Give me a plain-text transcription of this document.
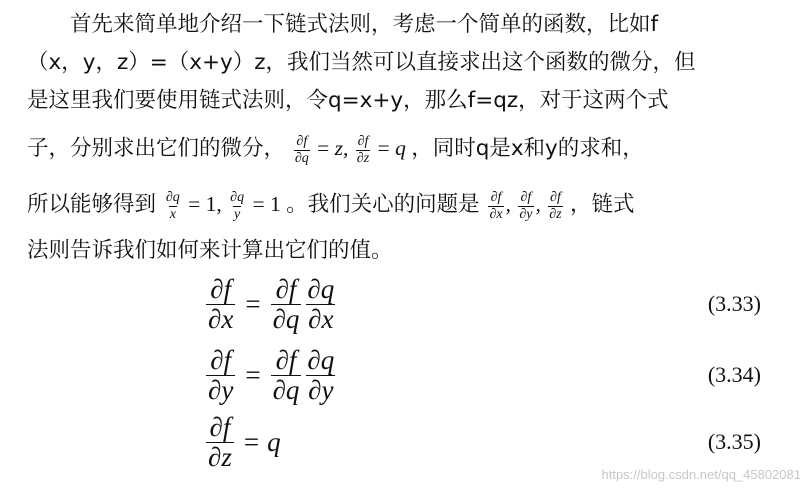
首先来简单地介绍一下链式法则，考虑一个简单的函数，比如f
（x，y，z）=（x+y）z，我们当然可以直接求出这个函数的微分，但
是这里我们要使用链式法则，令q=x+y，那么f=qz，对于这两个式
子，分别求出它们的微分， $\frac{\partial f}{\partial q} = z$, $\frac{\partial f}{\partial z} = q$ ，同时q是x和y的求和，
所以能够得到 $\frac{\partial q}{x} = 1$, $\frac{\partial q}{y} = 1$ 。我们关心的问题是 $\frac{\partial f}{\partial x}$ , $\frac{\partial f}{\partial y}$ , $\frac{\partial f}{\partial z}$ ，链式
法则告诉我们如何来计算出它们的值。
$\frac{\partial f}{\partial x} = \frac{\partial f}{\partial q} \frac{\partial q}{\partial x}$	(3.33)
$\frac{\partial f}{\partial y} = \frac{\partial f}{\partial q} \frac{\partial q}{\partial y}$	(3.34)
$\frac{\partial f}{\partial z} = q$	(3.35)
https://blog.csdn.net/qq_45802081
